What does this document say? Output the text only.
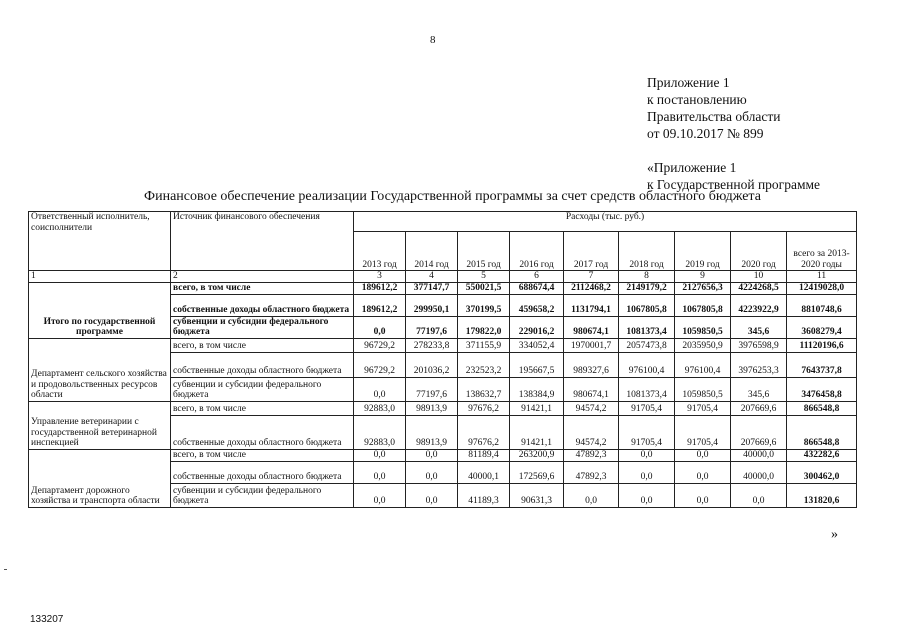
8
Приложение 1
к постановлению
Правительства области
от 09.10.2017 № 899
«Приложение 1
к Государственной программе
Финансовое обеспечение реализации Государственной программы за счет средств областного бюджета
Ответственный исполнитель, соисполнители	Источник финансового обеспечения	Расходы (тыс. руб.)								
		2013 год	2014 год	2015 год	2016 год	2017 год	2018 год	2019 год	2020 год	всего за 2013-2020 годы
1	2	3	4	5	6	7	8	9	10	11
Итого по государственной программе	всего, в том числе	189612,2	377147,7	550021,5	688674,4	2112468,2	2149179,2	2127656,3	4224268,5	12419028,0
	собственные доходы областного бюджета	189612,2	299950,1	370199,5	459658,2	1131794,1	1067805,8	1067805,8	4223922,9	8810748,6
	субвенции и субсидии федерального бюджета	0,0	77197,6	179822,0	229016,2	980674,1	1081373,4	1059850,5	345,6	3608279,4
Департамент сельского хозяйства и продовольственных ресурсов области	всего, в том числе	96729,2	278233,8	371155,9	334052,4	1970001,7	2057473,8	2035950,9	3976598,9	11120196,6
	собственные доходы областного бюджета	96729,2	201036,2	232523,2	195667,5	989327,6	976100,4	976100,4	3976253,3	7643737,8
	субвенции и субсидии федерального бюджета	0,0	77197,6	138632,7	138384,9	980674,1	1081373,4	1059850,5	345,6	3476458,8
Управление ветеринарии с государственной ветеринарной инспекцией	всего, в том числе	92883,0	98913,9	97676,2	91421,1	94574,2	91705,4	91705,4	207669,6	866548,8
	собственные доходы областного бюджета	92883,0	98913,9	97676,2	91421,1	94574,2	91705,4	91705,4	207669,6	866548,8
Департамент дорожного хозяйства и транспорта области	всего, в том числе	0,0	0,0	81189,4	263200,9	47892,3	0,0	0,0	40000,0	432282,6
	собственные доходы областного бюджета	0,0	0,0	40000,1	172569,6	47892,3	0,0	0,0	40000,0	300462,0
	субвенции и субсидии федерального бюджета	0,0	0,0	41189,3	90631,3	0,0	0,0	0,0	0,0	131820,6
»
133207
